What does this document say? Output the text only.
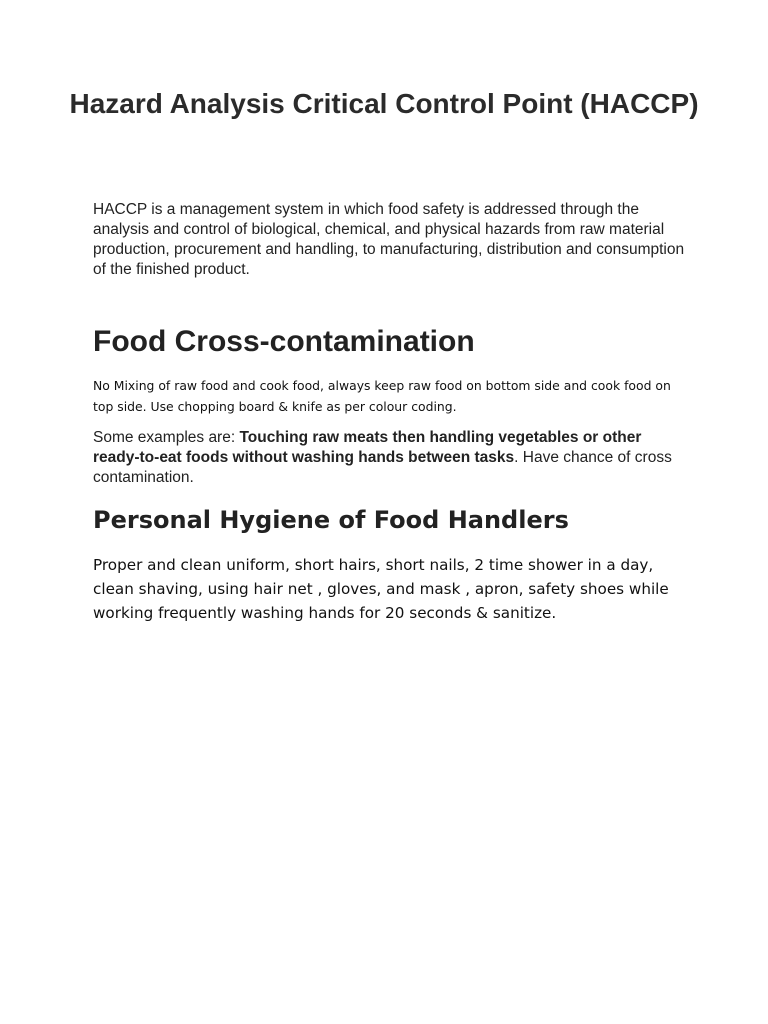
Hazard Analysis Critical Control Point (HACCP)

HACCP is a management system in which food safety is addressed through the analysis and control of biological, chemical, and physical hazards from raw material production, procurement and handling, to manufacturing, distribution and consumption of the finished product.

Food Cross-contamination

No Mixing of raw food and cook food, always keep raw food on bottom side and cook food on top side. Use chopping board & knife as per colour coding.

Some examples are: Touching raw meats then handling vegetables or other ready-to-eat foods without washing hands between tasks. Have chance of cross contamination.

Personal Hygiene of Food Handlers

Proper and clean uniform, short hairs, short nails, 2 time shower in a day, clean shaving, using hair net , gloves, and mask , apron, safety shoes while working frequently washing hands for 20 seconds & sanitize.
